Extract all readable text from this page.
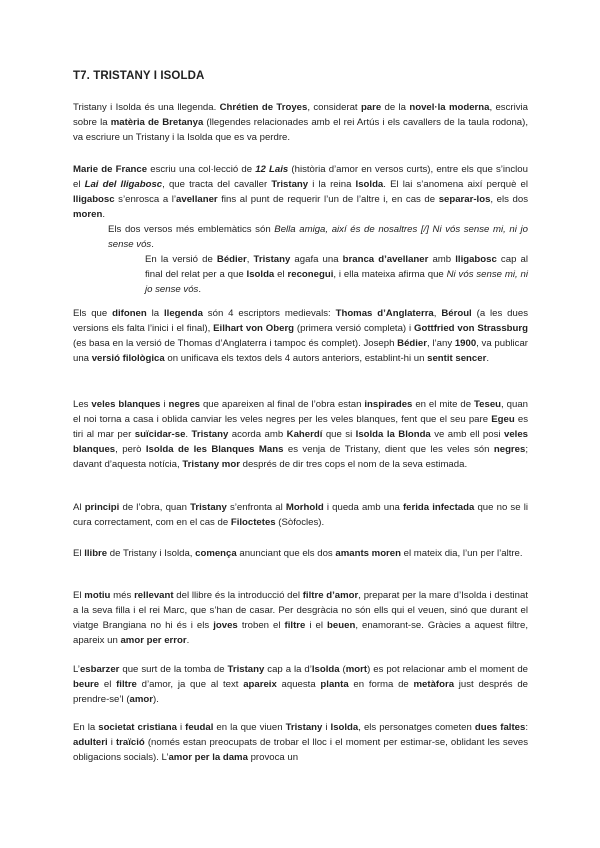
T7. TRISTANY I ISOLDA

Tristany i Isolda és una llegenda. Chrétien de Troyes, considerat pare de la novel·la moderna, escrivia sobre la matèria de Bretanya (llegendes relacionades amb el rei Artús i els cavallers de la taula rodona), va escriure un Tristany i la Isolda que es va perdre.

Marie de France escriu una col·lecció de 12 Lais (història d’amor en versos curts), entre els que s’inclou el Lai del lligabosc, que tracta del cavaller Tristany i la reina Isolda. El lai s’anomena així perquè el lligabosc s’enrosca a l’avellaner fins al punt de requerir l’un de l’altre i, en cas de separar-los, els dos moren.

Els dos versos més emblemàtics són Bella amiga, així és de nosaltres [/] Ni vós sense mi, ni jo sense vós.

En la versió de Bédier, Tristany agafa una branca d’avellaner amb lligabosc cap al final del relat per a que Isolda el reconegui, i ella mateixa afirma que Ni vós sense mi, ni jo sense vós.

Els que difonen la llegenda són 4 escriptors medievals: Thomas d’Anglaterra, Béroul (a les dues versions els falta l’inici i el final), Eilhart von Oberg (primera versió completa) i Gottfried von Strassburg (es basa en la versió de Thomas d’Anglaterra i tampoc és complet). Joseph Bédier, l’any 1900, va publicar una versió filològica on unificava els textos dels 4 autors anteriors, establint-hi un sentit sencer.

Les veles blanques i negres que apareixen al final de l’obra estan inspirades en el mite de Teseu, quan el noi torna a casa i oblida canviar les veles negres per les veles blanques, fent que el seu pare Egeu es tiri al mar per suïcidar-se. Tristany acorda amb Kaherdí que si Isolda la Blonda ve amb ell posi veles blanques, però Isolda de les Blanques Mans es venja de Tristany, dient que les veles són negres; davant d’aquesta notícia, Tristany mor després de dir tres cops el nom de la seva estimada.

Al principi de l’obra, quan Tristany s’enfronta al Morhold i queda amb una ferida infectada que no se li cura correctament, com en el cas de Filoctetes (Sòfocles).

El llibre de Tristany i Isolda, comença anunciant que els dos amants moren el mateix dia, l’un per l’altre.

El motiu més rellevant del llibre és la introducció del filtre d’amor, preparat per la mare d’Isolda i destinat a la seva filla i el rei Marc, que s’han de casar. Per desgràcia no són ells qui el veuen, sinó que durant el viatge Brangiana no hi és i els joves troben el filtre i el beuen, enamorant-se. Gràcies a aquest filtre, apareix un amor per error.

L’esbarzer que surt de la tomba de Tristany cap a la d’Isolda (mort) es pot relacionar amb el moment de beure el filtre d’amor, ja que al text apareix aquesta planta en forma de metàfora just després de prendre-se’l (amor).

En la societat cristiana i feudal en la que viuen Tristany i Isolda, els personatges cometen dues faltes: adulteri i traïció (només estan preocupats de trobar el lloc i el moment per estimar-se, oblidant les seves obligacions socials). L’amor per la dama provoca un
